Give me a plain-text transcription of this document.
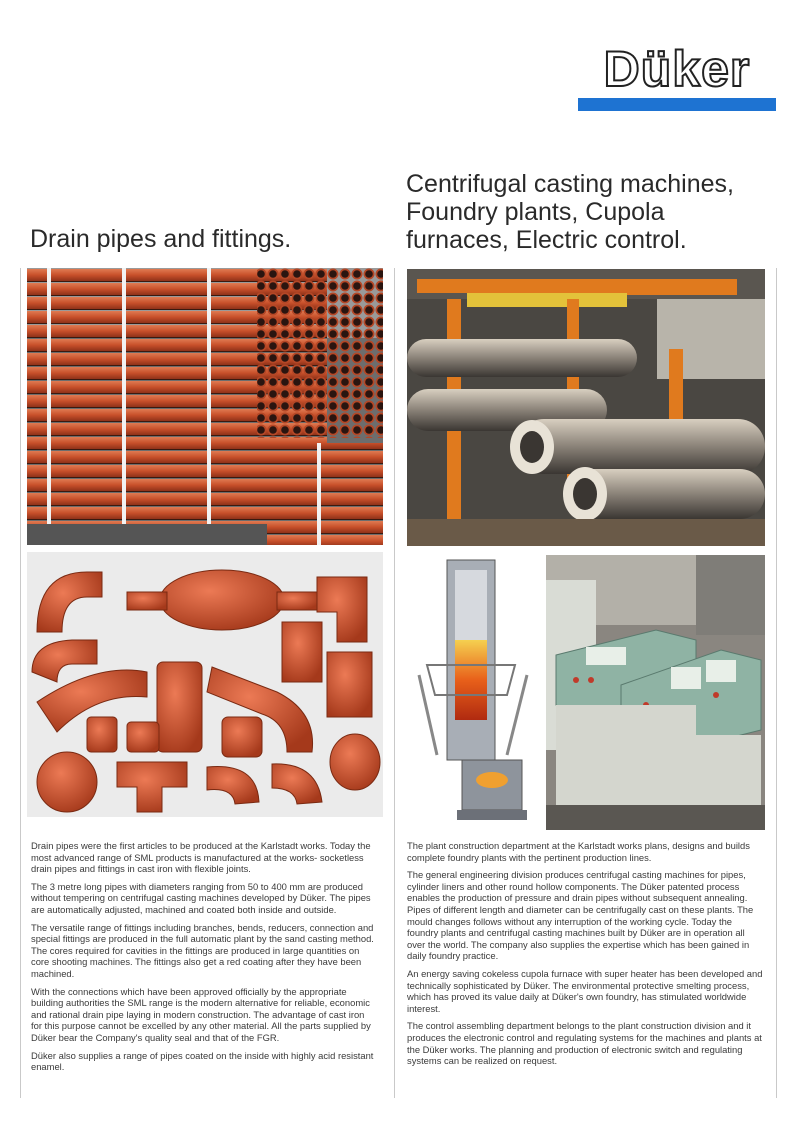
Düker
Drain pipes and fittings.
Centrifugal casting machines,
Foundry plants, Cupola
furnaces, Electric control.

Drain pipes were the first articles to be produced at the Karlstadt works. Today the most advanced range of SML products is manufactured at the works- socketless drain pipes and fittings in cast iron with flexible joints.

The 3 metre long pipes with diameters ranging from 50 to 400 mm are produced without tempering on centrifugal casting machines developed by Düker. The pipes are automatically adjusted, machined and coated both inside and outside.

The versatile range of fittings including branches, bends, reducers, connection and special fittings are produced in the full automatic plant by the sand casting method. The cores required for cavities in the fittings are produced in large quantities on core shooting machines. The fittings also get a red coating after they have been machined.

With the connections which have been approved officially by the appropriate building authorities the SML range is the modern alternative for reliable, economic and rational drain pipe laying in modern construction. The advantage of cast iron for this purpose cannot be excelled by any other material. All the parts supplied by Düker bear the Company's quality seal and that of the FGR.

Düker also supplies a range of pipes coated on the inside with highly acid resistant enamel.

The plant construction department at the Karlstadt works plans, designs and builds complete foundry plants with the pertinent production lines.

The general engineering division produces centrifugal casting machines for pipes, cylinder liners and other round hollow components. The Düker patented process enables the production of pressure and drain pipes without subsequent annealing. Pipes of different length and diameter can be centrifugally cast on these plants. The mould changes follows without any interruption of the working cycle. Today the foundry plants and centrifugal casting machines built by Düker are in operation all over the world. The company also supplies the expertise which has been gained in daily foundry practice.

An energy saving cokeless cupola furnace with super heater has been developed and technically sophisticated by Düker. The environmental protective smelting process, which has proved its value daily at Düker's own foundry, has stimulated worldwide interest.

The control assembling department belongs to the plant construction division and it produces the electronic control and regulating systems for the machines and plants at the Düker works. The planning and production of electronic switch and regulating systems can be realized on request.
